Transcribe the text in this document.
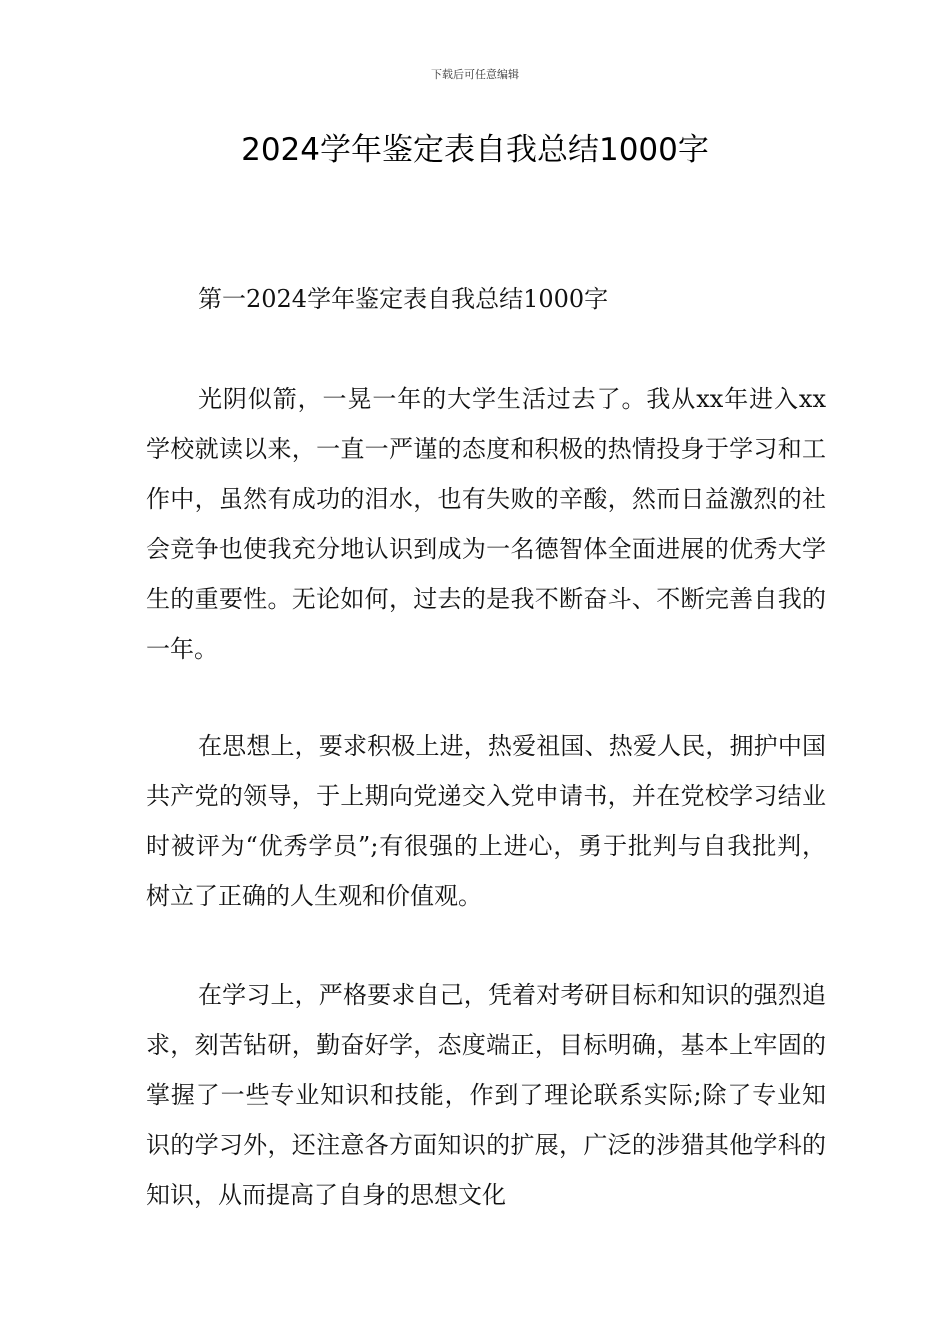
下载后可任意编辑
2024学年鉴定表自我总结1000字
第一2024学年鉴定表自我总结1000字

光阴似箭，一晃一年的大学生活过去了。我从xx年进入xx学校就读以来，一直一严谨的态度和积极的热情投身于学习和工作中，虽然有成功的泪水，也有失败的辛酸，然而日益激烈的社会竞争也使我充分地认识到成为一名德智体全面进展的优秀大学生的重要性。无论如何，过去的是我不断奋斗、不断完善自我的一年。

在思想上，要求积极上进，热爱祖国、热爱人民，拥护中国共产党的领导，于上期向党递交入党申请书，并在党校学习结业时被评为“优秀学员”;有很强的上进心，勇于批判与自我批判，树立了正确的人生观和价值观。

在学习上，严格要求自己，凭着对考研目标和知识的强烈追求，刻苦钻研，勤奋好学，态度端正，目标明确，基本上牢固的掌握了一些专业知识和技能，作到了理论联系实际;除了专业知识的学习外，还注意各方面知识的扩展，广泛的涉猎其他学科的知识，从而提高了自身的思想文化
